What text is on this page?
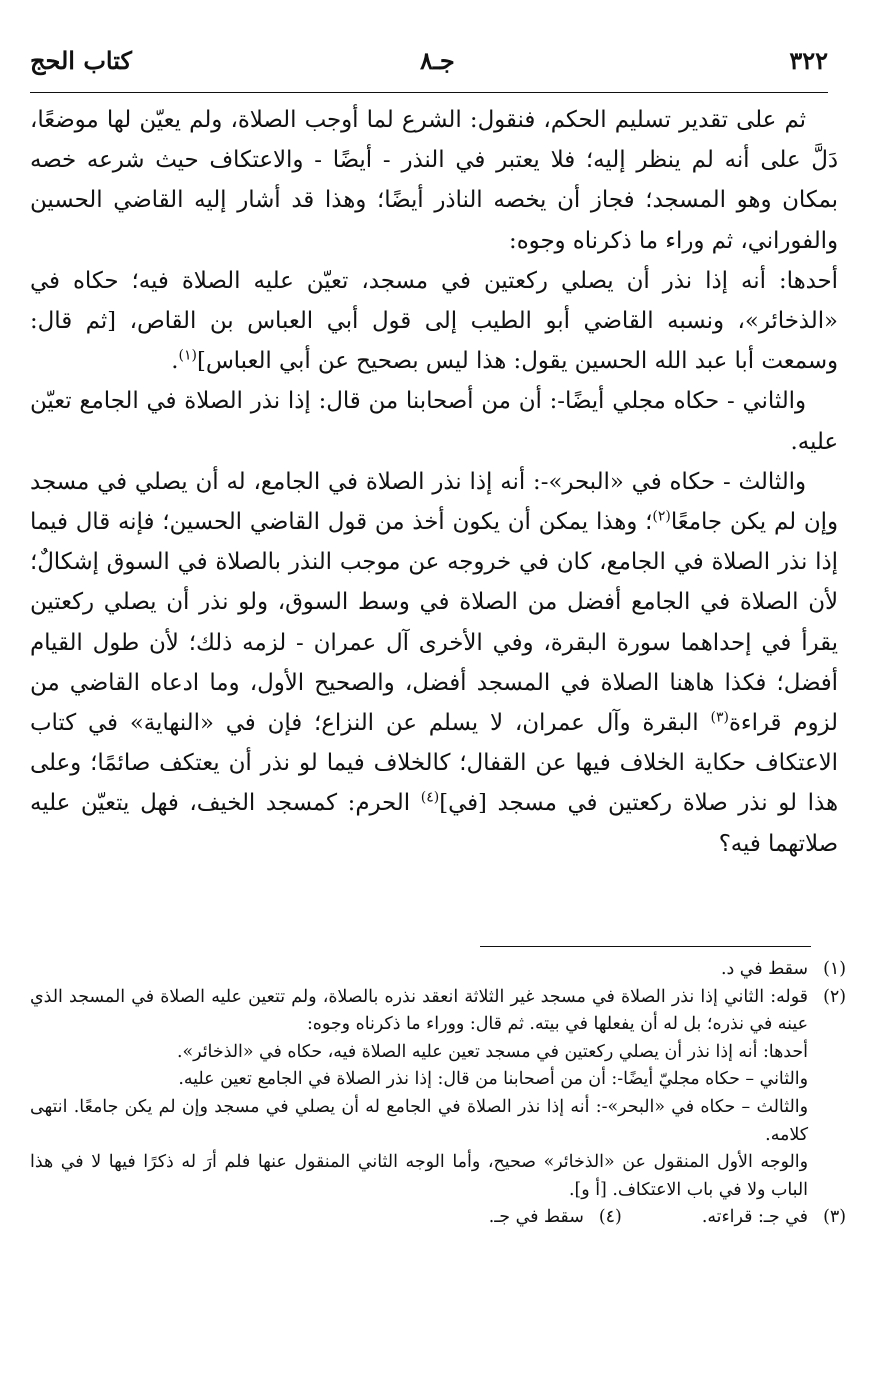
٣٢٢
جـ٨
كتاب الحج

ثم على تقدير تسليم الحكم، فنقول: الشرع لما أوجب الصلاة، ولم يعيّن لها موضعًا، دَلَّ على أنه لم ينظر إليه؛ فلا يعتبر في النذر - أيضًا - والاعتكاف حيث شرعه خصه بمكان وهو المسجد؛ فجاز أن يخصه الناذر أيضًا؛ وهذا قد أشار إليه القاضي الحسين والفوراني، ثم وراء ما ذكرناه وجوه:

أحدها: أنه إذا نذر أن يصلي ركعتين في مسجد، تعيّن عليه الصلاة فيه؛ حكاه في «الذخائر»، ونسبه القاضي أبو الطيب إلى قول أبي العباس بن القاص، [ثم قال: وسمعت أبا عبد الله الحسين يقول: هذا ليس بصحيح عن أبي العباس]$^{(١)}$.

والثاني - حكاه مجلي أيضًا-: أن من أصحابنا من قال: إذا نذر الصلاة في الجامع تعيّن عليه.

والثالث - حكاه في «البحر»-: أنه إذا نذر الصلاة في الجامع، له أن يصلي في مسجد وإن لم يكن جامعًا$^{(٢)}$؛ وهذا يمكن أن يكون أخذ من قول القاضي الحسين؛ فإنه قال فيما إذا نذر الصلاة في الجامع، كان في خروجه عن موجب النذر بالصلاة في السوق إشكالٌ؛ لأن الصلاة في الجامع أفضل من الصلاة في وسط السوق، ولو نذر أن يصلي ركعتين يقرأ في إحداهما سورة البقرة، وفي الأخرى آل عمران - لزمه ذلك؛ لأن طول القيام أفضل؛ فكذا هاهنا الصلاة في المسجد أفضل، والصحيح الأول، وما ادعاه القاضي من لزوم قراءة$^{(٣)}$ البقرة وآل عمران، لا يسلم عن النزاع؛ فإن في «النهاية» في كتاب الاعتكاف حكاية الخلاف فيها عن القفال؛ كالخلاف فيما لو نذر أن يعتكف صائمًا؛ وعلى هذا لو نذر صلاة ركعتين في مسجد [في]$^{(٤)}$ الحرم: كمسجد الخيف، فهل يتعيّن عليه صلاتهما فيه؟

(١)
سقط في د.
(٢)

قوله: الثاني إذا نذر الصلاة في مسجد غير الثلاثة انعقد نذره بالصلاة، ولم تتعين عليه الصلاة في المسجد الذي عينه في نذره؛ بل له أن يفعلها في بيته. ثم قال: ووراء ما ذكرناه وجوه:

أحدها: أنه إذا نذر أن يصلي ركعتين في مسجد تعين عليه الصلاة فيه، حكاه في «الذخائر».

والثاني – حكاه مجليّ أيضًا-: أن من أصحابنا من قال: إذا نذر الصلاة في الجامع تعين عليه.

والثالث – حكاه في «البحر»-: أنه إذا نذر الصلاة في الجامع له أن يصلي في مسجد وإن لم يكن جامعًا. انتهى كلامه.

والوجه الأول المنقول عن «الذخائر» صحيح، وأما الوجه الثاني المنقول عنها فلم أرَ له ذكرًا فيها لا في هذا الباب ولا في باب الاعتكاف. [أ و].

(٣)
في جـ: قراءته.
(٤)
سقط في جـ.
